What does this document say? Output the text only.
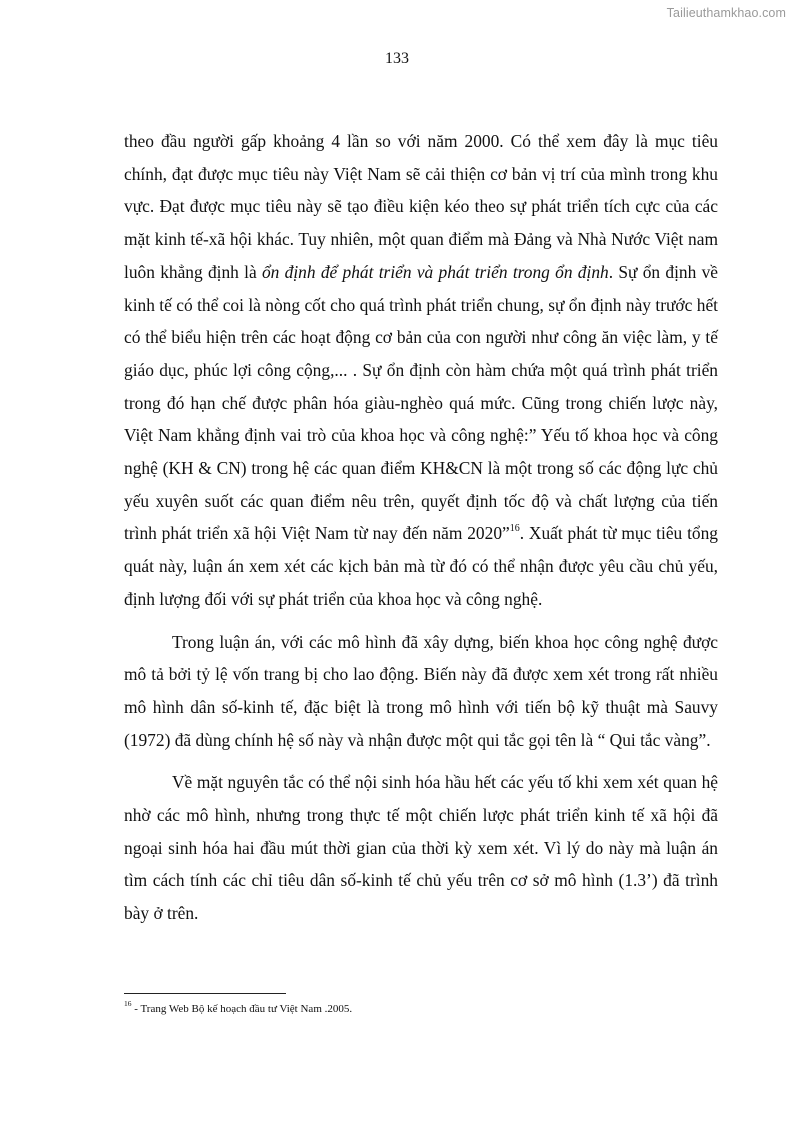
Tailieuthamkhao.com
133

theo đầu người gấp khoảng 4 lần so với năm 2000. Có thể xem đây là mục tiêu chính, đạt được mục tiêu này Việt Nam sẽ cải thiện cơ bản vị trí của mình trong khu vực. Đạt được mục tiêu này sẽ tạo điều kiện kéo theo sự phát triển tích cực của các mặt kinh tế-xã hội khác. Tuy nhiên, một quan điểm mà Đảng và Nhà Nước Việt nam luôn khẳng định là ổn định để phát triển và phát triển trong ổn định. Sự ổn định về kinh tế có thể coi là nòng cốt cho quá trình phát triển chung, sự ổn định này trước hết có thể biểu hiện trên các hoạt động cơ bản của con người như công ăn việc làm, y tế giáo dục, phúc lợi công cộng,... . Sự ổn định còn hàm chứa một quá trình phát triển trong đó hạn chế được phân hóa giàu-nghèo quá mức. Cũng trong chiến lược này, Việt Nam khẳng định vai trò của khoa học và công nghệ:” Yếu tố khoa học và công nghệ (KH & CN) trong hệ các quan điểm KH&CN là một trong số các động lực chủ yếu xuyên suốt các quan điểm nêu trên, quyết định tốc độ và chất lượng của tiến trình phát triển xã hội Việt Nam từ nay đến năm 2020”$^{16}$. Xuất phát từ mục tiêu tổng quát này, luận án xem xét các kịch bản mà từ đó có thể nhận được yêu cầu chủ yếu, định lượng đối với sự phát triển của khoa học và công nghệ.

Trong luận án, với các mô hình đã xây dựng, biến khoa học công nghệ được mô tả bởi tỷ lệ vốn trang bị cho lao động. Biến này đã được xem xét trong rất nhiều mô hình dân số-kinh tế, đặc biệt là trong mô hình với tiến bộ kỹ thuật mà Sauvy (1972) đã dùng chính hệ số này và nhận được một qui tắc gọi tên là “ Qui tắc vàng”.

Về mặt nguyên tắc có thể nội sinh hóa hầu hết các yếu tố khi xem xét quan hệ nhờ các mô hình, nhưng trong thực tế một chiến lược phát triển kinh tế xã hội đã ngoại sinh hóa hai đầu mút thời gian của thời kỳ xem xét. Vì lý do này mà luận án tìm cách tính các chỉ tiêu dân số-kinh tế chủ yếu trên cơ sở mô hình (1.3’) đã trình bày ở trên.

$^{16}$ - Trang Web Bộ kế hoạch đầu tư Việt Nam .2005.
